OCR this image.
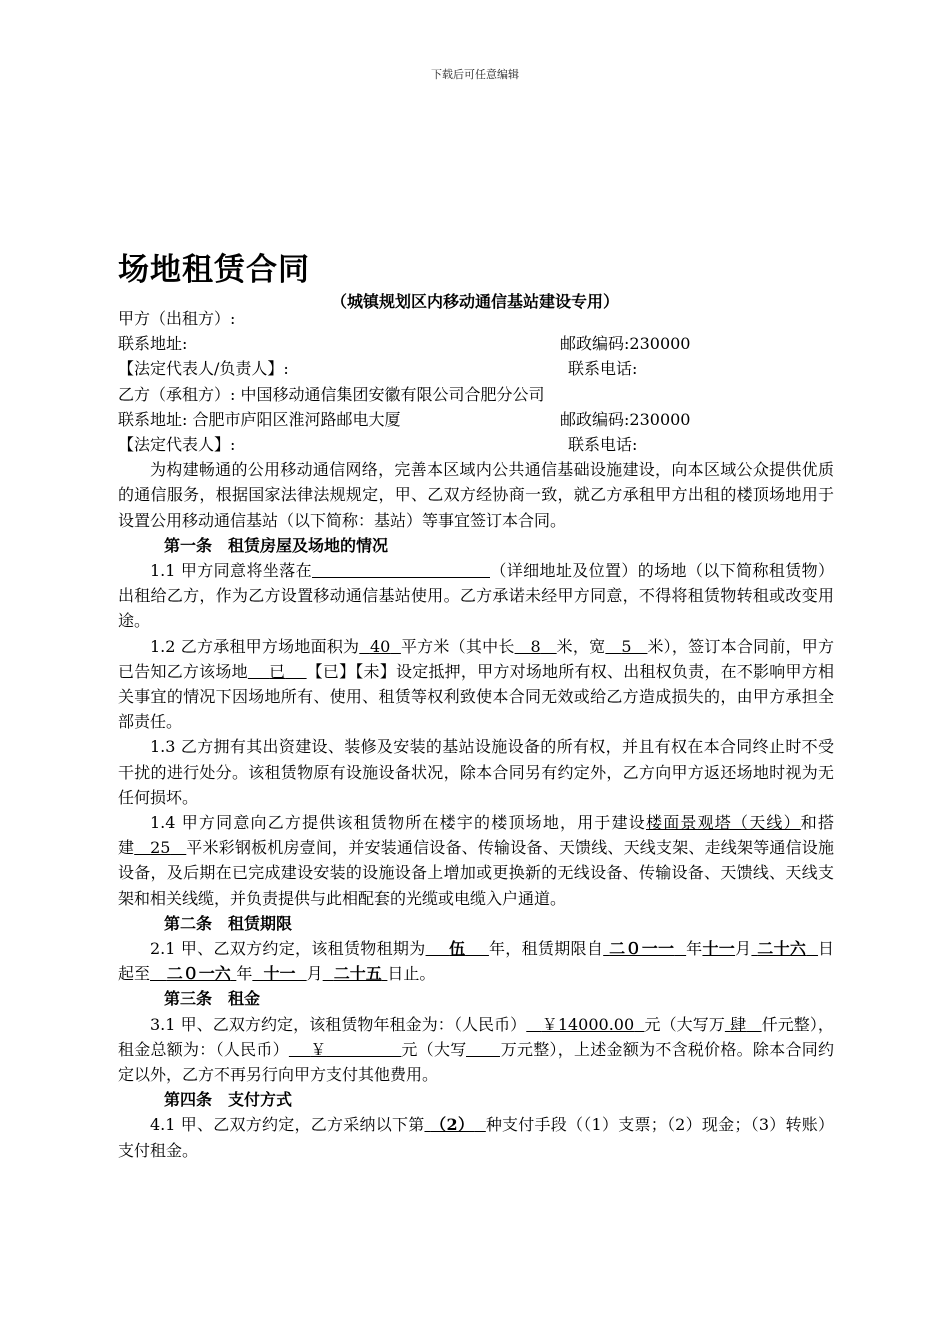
下载后可任意编辑
场地租赁合同
（城镇规划区内移动通信基站建设专用）
甲方（出租方）:
联系地址:	邮政编码:230000
【法定代表人/负责人】:	联系电话:
乙方（承租方）: 中国移动通信集团安徽有限公司合肥分公司
联系地址: 合肥市庐阳区淮河路邮电大厦	邮政编码:230000
【法定代表人】:	联系电话:
为构建畅通的公用移动通信网络，完善本区域内公共通信基础设施建设，向本区域公众提供优质的通信服务，根据国家法律法规规定，甲、乙双方经协商一致，就乙方承租甲方出租的楼顶场地用于设置公用移动通信基站（以下简称：基站）等事宜签订本合同。
第一条　租赁房屋及场地的情况
1.1 甲方同意将坐落在	（详细地址及位置）的场地（以下简称租赁物）出租给乙方，作为乙方设置移动通信基站使用。乙方承诺未经甲方同意，不得将租赁物转租或改变用途。
1.2 乙方承租甲方场地面积为 40 平方米（其中长 8 米，宽 5 米），签订本合同前，甲方已告知乙方该场地 已 【已】【未】设定抵押，甲方对场地所有权、出租权负责，在不影响甲方相关事宜的情况下因场地所有、使用、租赁等权利致使本合同无效或给乙方造成损失的，由甲方承担全部责任。
1.3 乙方拥有其出资建设、装修及安装的基站设施设备的所有权，并且有权在本合同终止时不受干扰的进行处分。该租赁物原有设施设备状况，除本合同另有约定外，乙方向甲方返还场地时视为无任何损坏。
1.4 甲方同意向乙方提供该租赁物所在楼宇的楼顶场地，用于建设楼面景观塔（天线）和搭建 25 平米彩钢板机房壹间，并安装通信设备、传输设备、天馈线、天线支架、走线架等通信设施设备，及后期在已完成建设安装的设施设备上增加或更换新的无线设备、传输设备、天馈线、天线支架和相关线缆，并负责提供与此相配套的光缆或电缆入户通道。
第二条　租赁期限
2.1 甲、乙双方约定，该租赁物租期为 伍 年，租赁期限自 二０一一 年十一月 二十六 日起至 二０一六 年 十一 月 二十五 日止。
第三条　租金
3.1 甲、乙双方约定，该租赁物年租金为：（人民币） ￥14000.00 元（大写万 肆 仟元整），租金总额为：（人民币） ￥	元（大写 万元整），上述金额为不含税价格。除本合同约定以外，乙方不再另行向甲方支付其他费用。
第四条　支付方式
4.1 甲、乙双方约定，乙方采纳以下第 （2） 种支付手段（（1）支票；（2）现金；（3）转账）支付租金。
